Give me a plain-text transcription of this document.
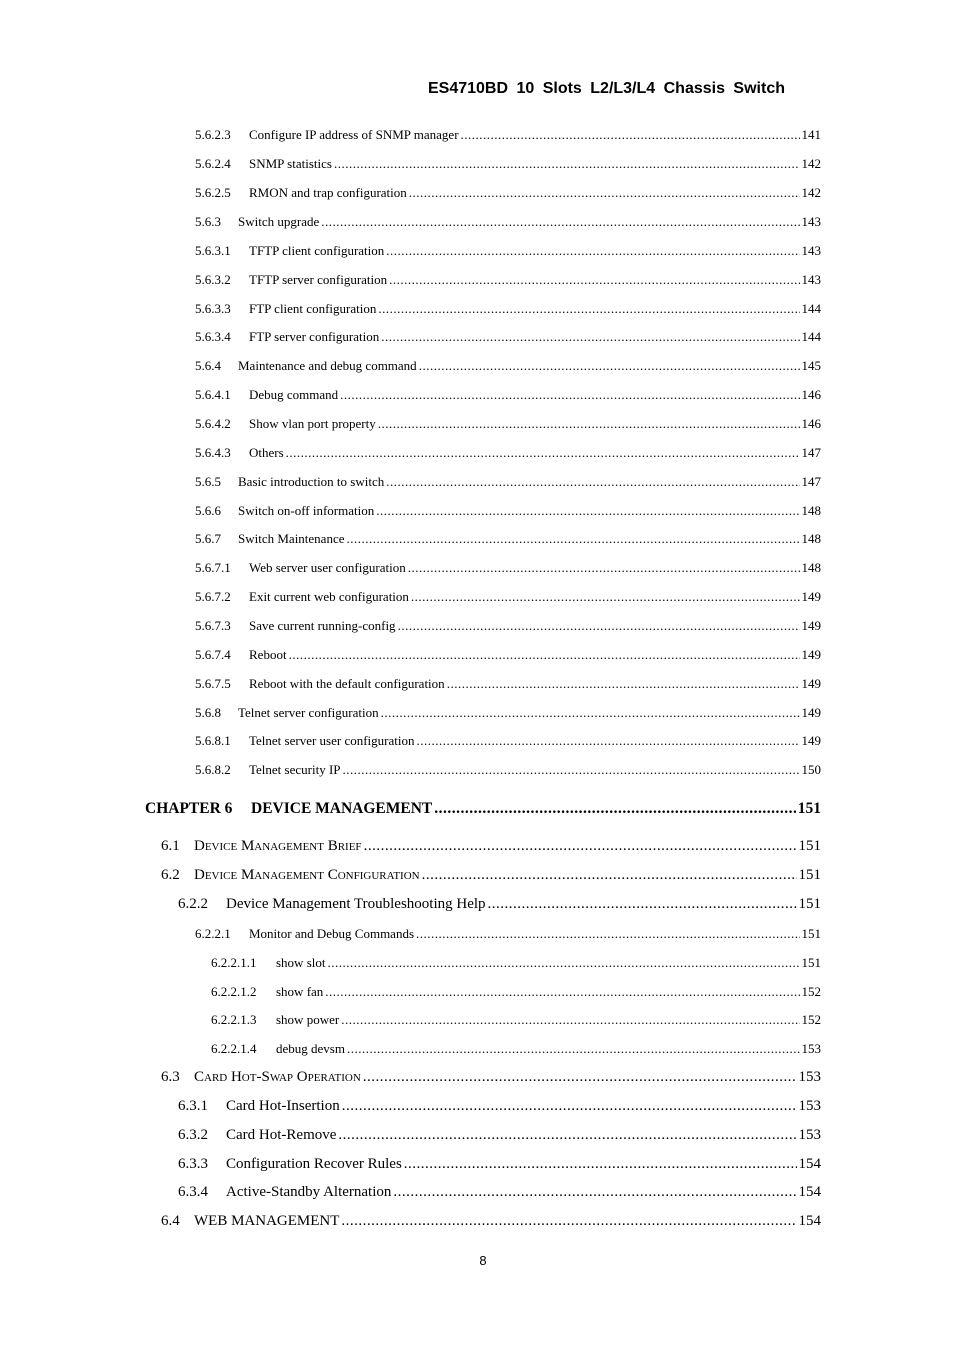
ES4710BD 10 Slots L2/L3/L4 Chassis Switch
5.6.2.3	Configure IP address of SNMP manager .....	141
5.6.2.4	SNMP statistics .....	142
5.6.2.5	RMON and trap configuration .....	142
5.6.3	Switch upgrade .....	143
5.6.3.1	TFTP client configuration .....	143
5.6.3.2	TFTP server configuration .....	143
5.6.3.3	FTP client configuration .....	144
5.6.3.4	FTP server configuration .....	144
5.6.4	Maintenance and debug command .....	145
5.6.4.1	Debug command .....	146
5.6.4.2	Show vlan port property .....	146
5.6.4.3	Others .....	147
5.6.5	Basic introduction to switch .....	147
5.6.6	Switch on-off information .....	148
5.6.7	Switch Maintenance .....	148
5.6.7.1	Web server user configuration .....	148
5.6.7.2	Exit current web configuration .....	149
5.6.7.3	Save current running-config .....	149
5.6.7.4	Reboot .....	149
5.6.7.5	Reboot with the default configuration .....	149
5.6.8	Telnet server configuration .....	149
5.6.8.1	Telnet server user configuration .....	149
5.6.8.2	Telnet security IP .....	150
CHAPTER 6	DEVICE MANAGEMENT .....	151
6.1 Device Management Brief .....	151
6.2 Device Management Configuration .....	151
6.2.2	Device Management Troubleshooting Help .....	151
6.2.2.1	Monitor and Debug Commands .....	151
6.2.2.1.1	show slot .....	151
6.2.2.1.2	show fan .....	152
6.2.2.1.3	show power .....	152
6.2.2.1.4	debug devsm .....	153
6.3 Card Hot-Swap Operation .....	153
6.3.1	Card Hot-Insertion .....	153
6.3.2	Card Hot-Remove .....	153
6.3.3	Configuration Recover Rules .....	154
6.3.4	Active-Standby Alternation .....	154
6.4 WEB MANAGEMENT .....	154
8
